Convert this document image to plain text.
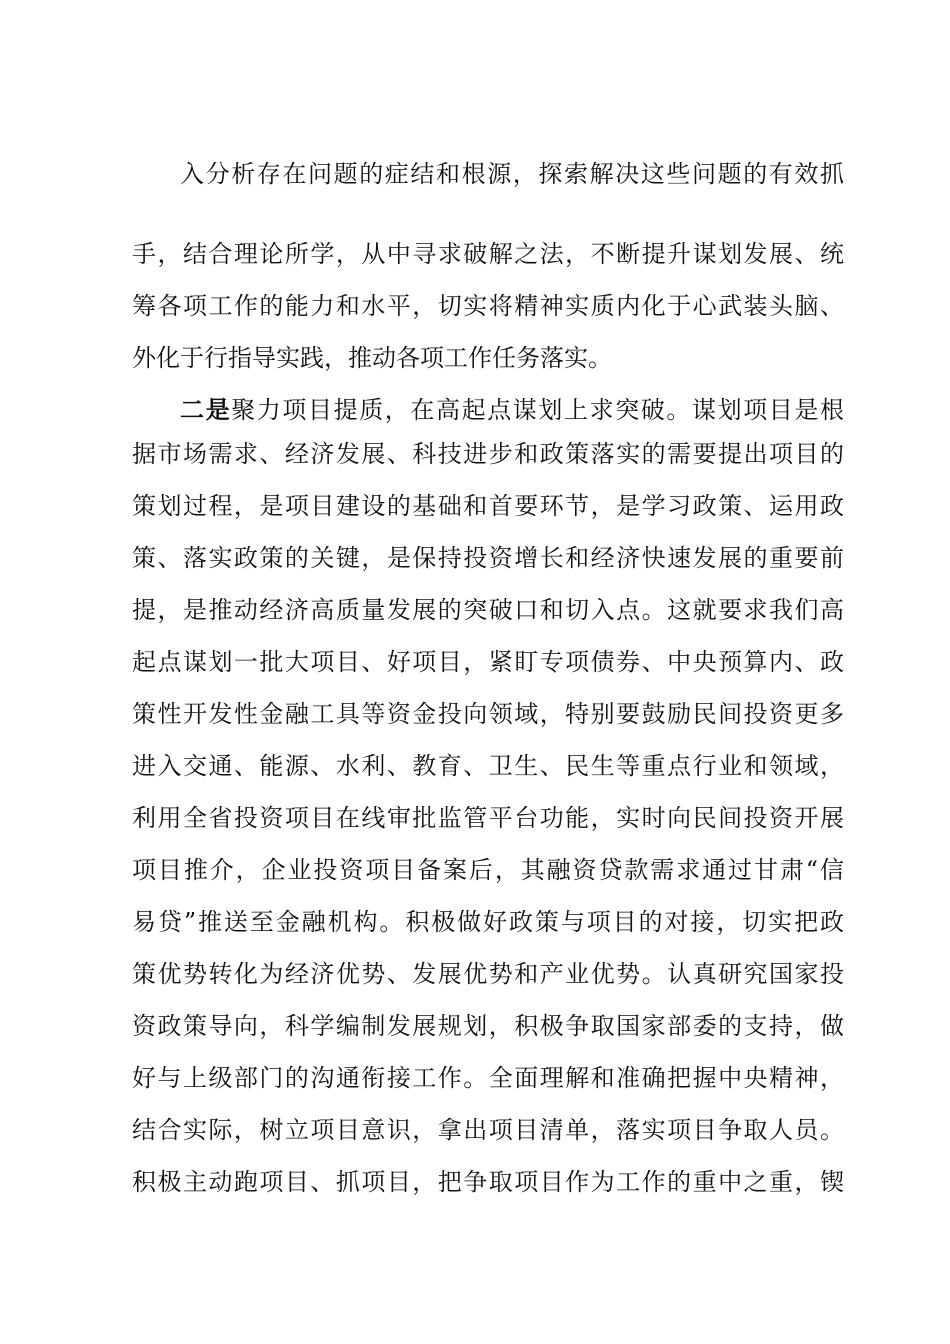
入分析存在问题的症结和根源，探索解决这些问题的有效抓
手，结合理论所学，从中寻求破解之法，不断提升谋划发展、统
筹各项工作的能力和水平，切实将精神实质内化于心武装头脑、
外化于行指导实践，推动各项工作任务落实。
二是聚力项目提质，在高起点谋划上求突破。谋划项目是根
据市场需求、经济发展、科技进步和政策落实的需要提出项目的
策划过程，是项目建设的基础和首要环节，是学习政策、运用政
策、落实政策的关键，是保持投资增长和经济快速发展的重要前
提，是推动经济高质量发展的突破口和切入点。这就要求我们高
起点谋划一批大项目、好项目，紧盯专项债券、中央预算内、政
策性开发性金融工具等资金投向领域，特别要鼓励民间投资更多
进入交通、能源、水利、教育、卫生、民生等重点行业和领域，
利用全省投资项目在线审批监管平台功能，实时向民间投资开展
项目推介，企业投资项目备案后，其融资贷款需求通过甘肃“信
易贷”推送至金融机构。积极做好政策与项目的对接，切实把政
策优势转化为经济优势、发展优势和产业优势。认真研究国家投
资政策导向，科学编制发展规划，积极争取国家部委的支持，做
好与上级部门的沟通衔接工作。全面理解和准确把握中央精神，
结合实际，树立项目意识，拿出项目清单，落实项目争取人员。
积极主动跑项目、抓项目，把争取项目作为工作的重中之重，锲
